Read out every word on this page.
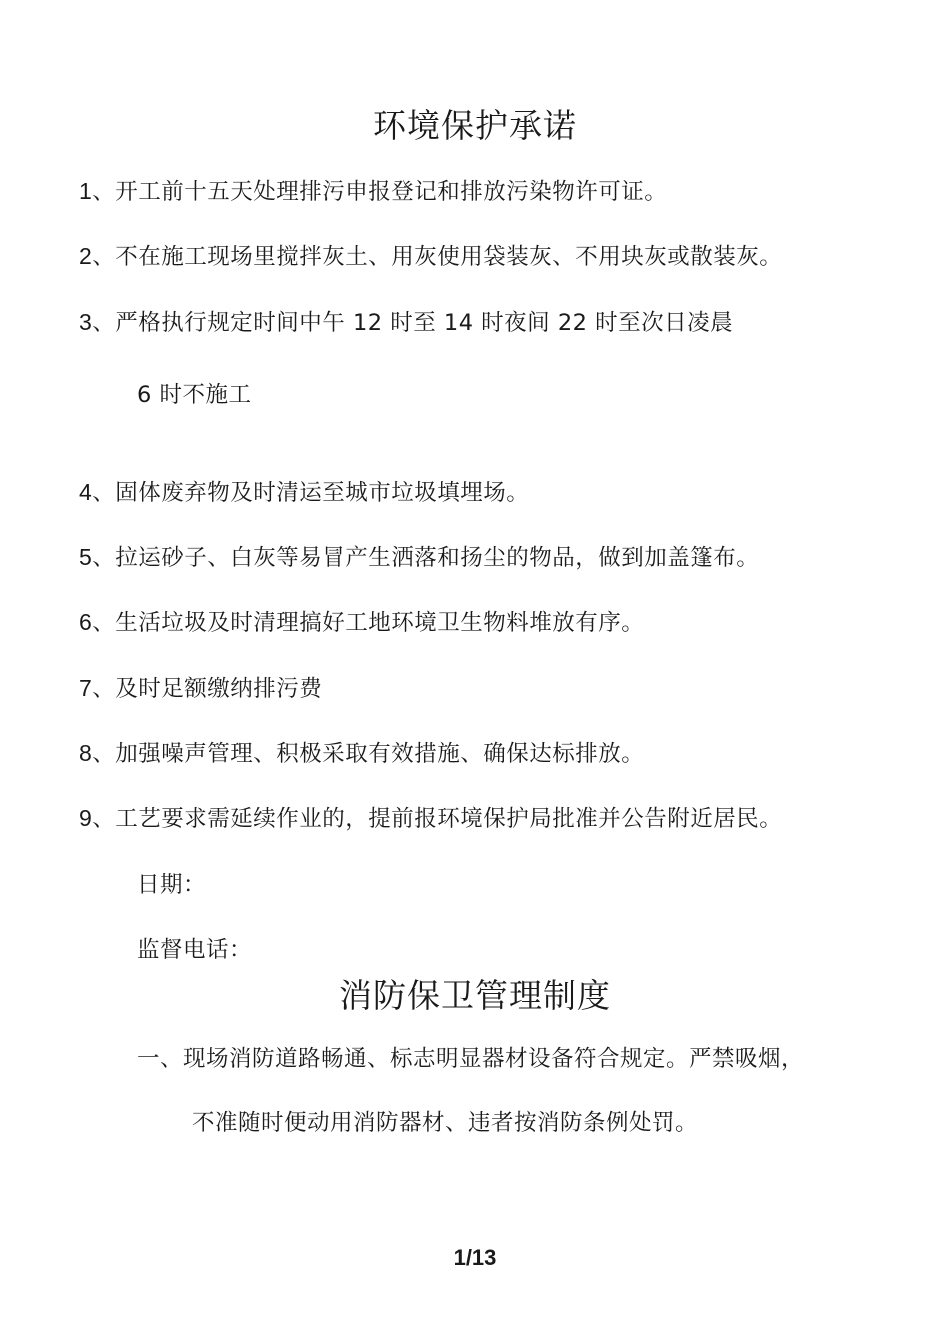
环境保护承诺
1、开工前十五天处理排污申报登记和排放污染物许可证。
2、不在施工现场里搅拌灰土、用灰使用袋装灰、不用块灰或散装灰。
3、严格执行规定时间中午 12 时至 14 时夜间 22 时至次日凌晨
6 时不施工
4、固体废弃物及时清运至城市垃圾填埋场。
5、拉运砂子、白灰等易冒产生洒落和扬尘的物品，做到加盖篷布。
6、生活垃圾及时清理搞好工地环境卫生物料堆放有序。
7、及时足额缴纳排污费
8、加强噪声管理、积极采取有效措施、确保达标排放。
9、工艺要求需延续作业的，提前报环境保护局批准并公告附近居民。
日期：
监督电话：
消防保卫管理制度
一、现场消防道路畅通、标志明显器材设备符合规定。严禁吸烟，
不准随时便动用消防器材、违者按消防条例处罚。
1/13
